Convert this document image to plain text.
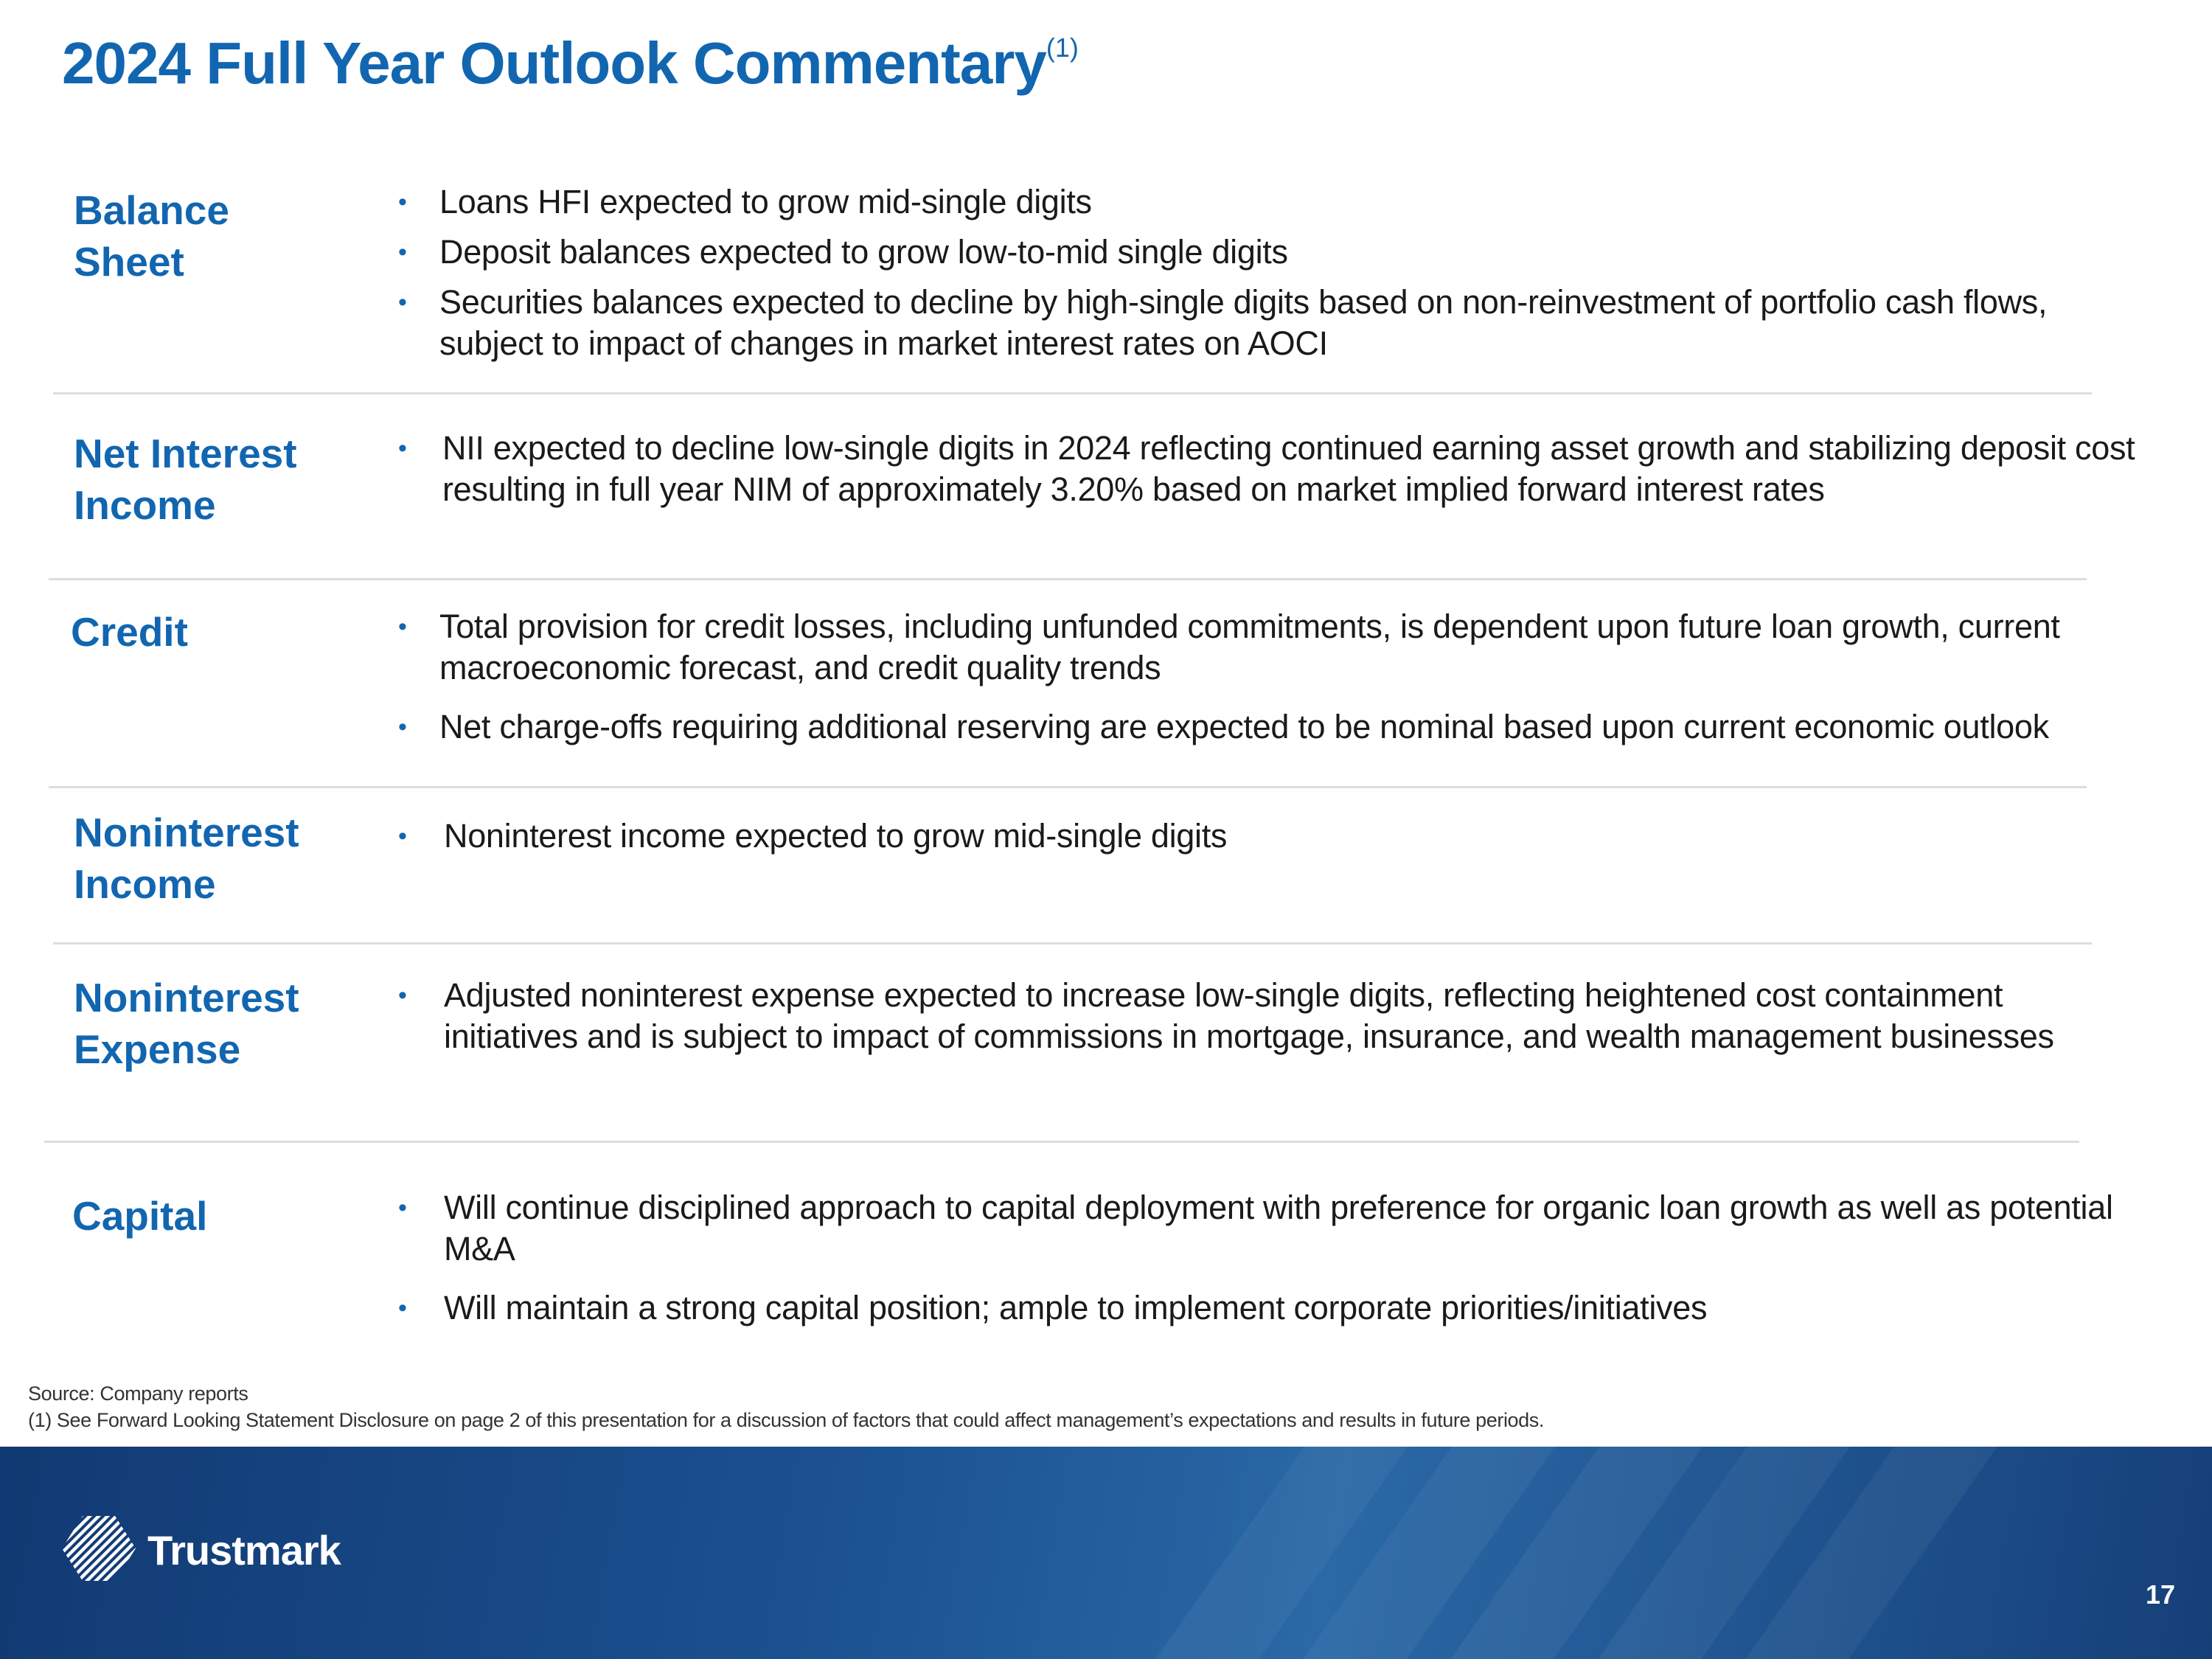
2024 Full Year Outlook Commentary$^{(1)}$
Balance Sheet
• Loans HFI expected to grow mid-single digits
• Deposit balances expected to grow low-to-mid single digits
• Securities balances expected to decline by high-single digits based on non-reinvestment of portfolio cash flows, subject to impact of changes in market interest rates on AOCI
Net Interest Income
• NII expected to decline low-single digits in 2024 reflecting continued earning asset growth and stabilizing deposit cost resulting in full year NIM of approximately 3.20% based on market implied forward interest rates
Credit	• Total provision for credit losses, including unfunded commitments, is dependent upon future loan growth, current macroeconomic forecast, and credit quality trends
• Net charge-offs requiring additional reserving are expected to be nominal based upon current economic outlook
Noninterest Income
• Noninterest income expected to grow mid-single digits
Noninterest Expense
• Adjusted noninterest expense expected to increase low-single digits, reflecting heightened cost containment initiatives and is subject to impact of commissions in mortgage, insurance, and wealth management businesses
Capital	• Will continue disciplined approach to capital deployment with preference for organic loan growth as well as potential M&A
• Will maintain a strong capital position; ample to implement corporate priorities/initiatives
Source: Company reports
(1) See Forward Looking Statement Disclosure on page 2 of this presentation for a discussion of factors that could affect management’s expectations and results in future periods.
Trustmark
17
